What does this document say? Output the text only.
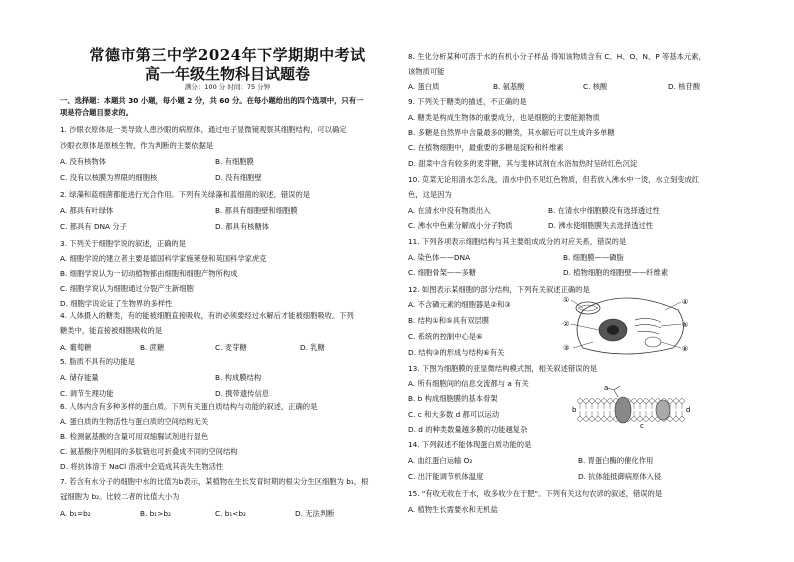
常德市第三中学2024年下学期期中考试
高一年级生物科目试题卷
满分：100 分 时间：75 分钟
一、选择题：本题共 30 小题，每小题 2 分，共 60 分。在每小题给出的四个选项中，只有一
项是符合题目要求的。
1. 沙眼衣原体是一类导致人患沙眼的病原体，通过电子显微镜观察其细胞结构，可以确定
沙眼衣原体是原核生物，作为判断的主要依据是
A. 没有核物体	B. 有细胞膜
C. 没有以核膜为界限的细胞核	D. 没有细胞壁
2. 绿藻和蓝细菌都能进行光合作用。下列有关绿藻和蓝细菌的叙述，错误的是
A. 都具有叶绿体	B. 都具有细胞壁和细胞膜
C. 都具有 DNA 分子	D. 都具有核糖体
3. 下列关于细胞学说的叙述，正确的是
A. 细胞学说的建立者主要是德国科学家施莱登和英国科学家虎克
B. 细胞学说认为一切动植物都由细胞和细胞产物所构成
C. 细胞学说认为细胞通过分裂产生新细胞
D. 细胞学说论证了生物界的多样性
4. 人体摄入的糖类，有的能被细胞直接吸收，有的必须要经过水解后才能被细胞吸收。下列
糖类中，能直接被细胞吸收的是
A. 葡萄糖	B. 蔗糖	C. 麦芽糖	D. 乳糖
5. 脂质不具有的功能是
A. 储存能量	B. 构成膜结构
C. 调节生理功能	D. 携带遗传信息
6. 人体内含有多种多样的蛋白质。下列有关蛋白质结构与功能的叙述，正确的是
A. 蛋白质的生物活性与蛋白质的空间结构无关
B. 检测氨基酸的含量可用双缩脲试剂进行显色
C. 氨基酸序列相同的多肽链也可折叠成不同的空间结构
D. 将抗体溶于 NaCl 溶液中会造成其丧失生物活性
7. 若含有水分子的细胞中水的比值为b表示，某植物在生长发育时期的根尖分生区细胞为 b₁，根
冠细胞为 b₂。比较二者的比值大小为
A. b₁=b₂	B. b₁>b₂	C. b₁<b₂	D. 无法判断
8. 生化分析某种可溶于水的有机小分子样品 得知该物质含有 C、H、O、N、P 等基本元素，
该物质可能
A. 蛋白质	B. 氨基酸	C. 核酸	D. 核苷酸
9. 下列关于糖类的描述，不正确的是
A. 糖类是构成生物体的重要成分，也是细胞的主要能源物质
B. 多糖是自然界中含量最多的糖类，其水解后可以生成许多单糖
C. 在植物细胞中，最重要的多糖是淀粉和纤维素
D. 甜菜中含有较多的麦芽糖，其与斐林试剂在水浴加热时呈砖红色沉淀
10. 苋菜无论用清水怎么洗，清水中仍不见红色物质，但若放入沸水中一烫，水立刻变成红
色，这是因为
A. 在清水中没有物质出入	B. 在清水中细胞膜没有选择透过性
C. 沸水中色素分解成小分子物质	D. 沸水使细胞膜失去选择透过性
11. 下列各项表示细胞结构与其主要组成成分的对应关系，错误的是
A. 染色体——DNA	B. 细胞膜——磷脂
C. 细胞骨架——多糖	D. 植物细胞的细胞壁——纤维素
12. 如图表示某细胞的部分结构，下列有关叙述正确的是
A. 不含磷元素的细胞器是②和③
B. 结构①和⑤具有双层膜
C. 系统的控制中心是⑥
D. 结构③的形成与结构⑥有关
①
②
③
④
⑤
⑥
13. 下图为细胞膜的亚显微结构模式图，相关叙述错误的是
A. 所有细胞间的信息交流都与 a 有关
B. b 构成细胞膜的基本骨架
C. c 和大多数 d 都可以运动
D. d 的种类数量越多膜的功能越复杂
a
b
c
d
14. 下列叙述不能体现蛋白质功能的是
A. 血红蛋白运输 O₂	B. 胃蛋白酶的催化作用
C. 出汗能调节机体温度	D. 抗体能抵御病原体入侵
15. "有收无收在于水，收多收少在于肥"。下列有关这句农谚的叙述，错误的是
A. 植物生长需要水和无机盐
